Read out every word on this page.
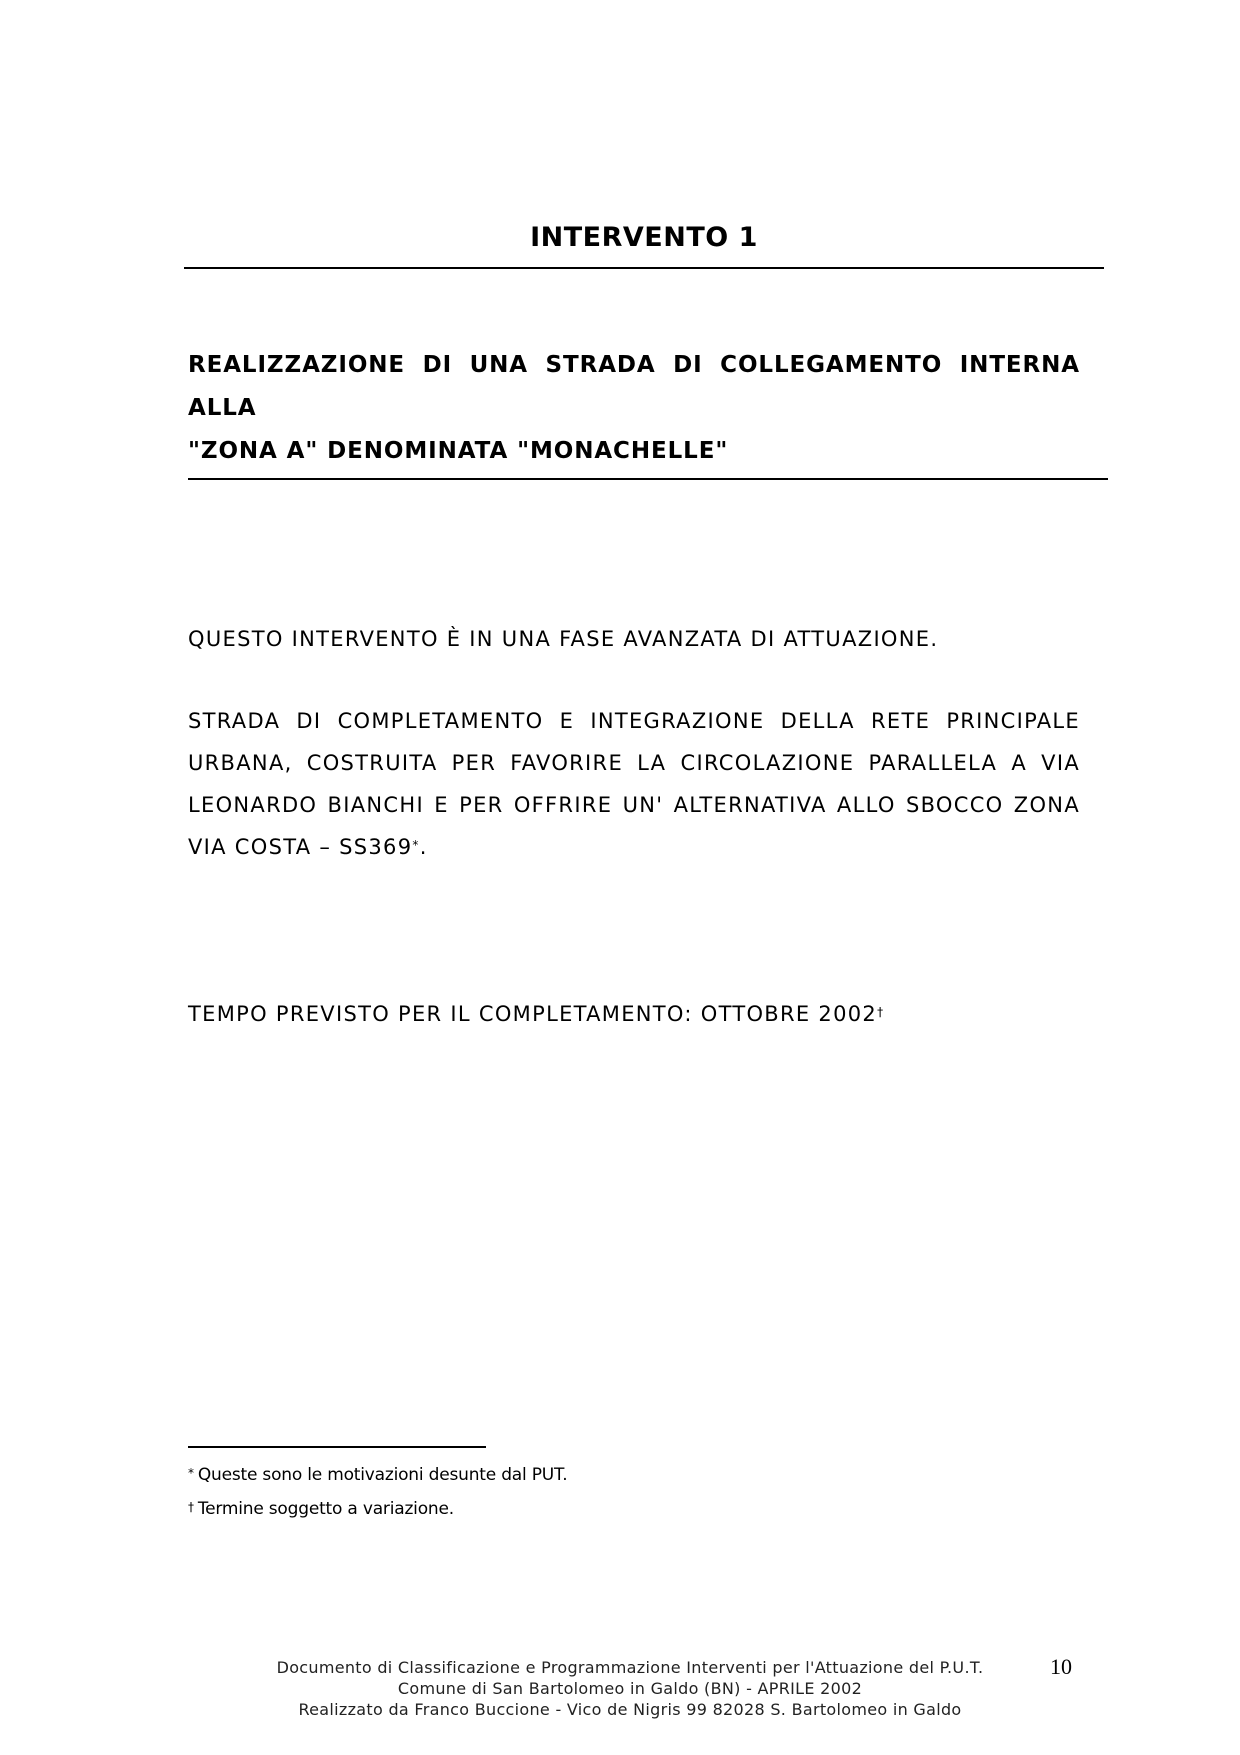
INTERVENTO 1
REALIZZAZIONE DI UNA STRADA DI COLLEGAMENTO INTERNA ALLA
"ZONA A" DENOMINATA "MONACHELLE"
QUESTO INTERVENTO È IN UNA FASE AVANZATA DI ATTUAZIONE.
STRADA DI COMPLETAMENTO E INTEGRAZIONE DELLA RETE PRINCIPALE
URBANA, COSTRUITA PER FAVORIRE LA CIRCOLAZIONE PARALLELA A VIA
LEONARDO BIANCHI E PER OFFRIRE UN' ALTERNATIVA ALLO SBOCCO ZONA
VIA COSTA – SS369*.
TEMPO PREVISTO PER IL COMPLETAMENTO: OTTOBRE 2002†
* Queste sono le motivazioni desunte dal PUT.
† Termine soggetto a variazione.
Documento di Classificazione e Programmazione Interventi per l'Attuazione del P.U.T.
Comune di San Bartolomeo in Galdo (BN) - APRILE 2002
Realizzato da Franco Buccione - Vico de Nigris 99 82028 S. Bartolomeo in Galdo
10
